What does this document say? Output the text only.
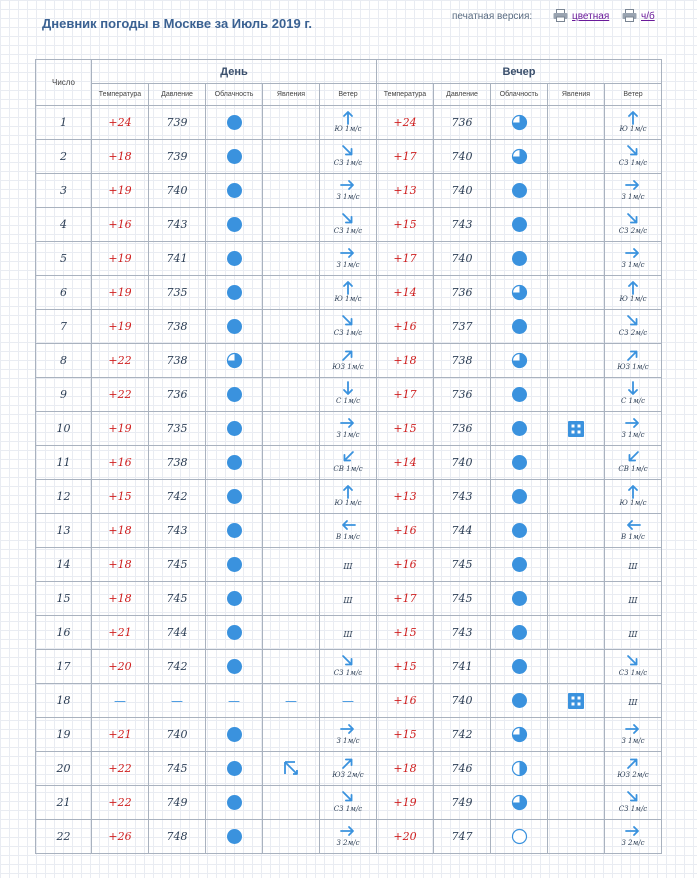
Дневник погоды в Москве за Июль 2019 г.	печатная версия:	цветная	ч/б
Число	День					Вечер				
	Температура	Давление	Облачность	Явления	Ветер	Температура	Давление	Облачность	Явления	Ветер
1	+24	739			Ю 1м/с	+24	736			Ю 1м/с

2	+18	739			СЗ 1м/с	+17	740			СЗ 1м/с

3	+19	740			З 1м/с	+13	740			З 1м/с

4	+16	743			СЗ 1м/с	+15	743			СЗ 2м/с

5	+19	741			З 1м/с	+17	740			З 1м/с

6	+19	735			Ю 1м/с	+14	736			Ю 1м/с

7	+19	738			СЗ 1м/с	+16	737			СЗ 2м/с

8	+22	738			ЮЗ 1м/с	+18	738			ЮЗ 1м/с

9	+22	736			С 1м/с	+17	736			С 1м/с

10	+19	735			З 1м/с	+15	736			З 1м/с

11	+16	738			СВ 1м/с	+14	740			СВ 1м/с

12	+15	742			Ю 1м/с	+13	743			Ю 1м/с

13	+18	743			В 1м/с	+16	744			В 1м/с

14	+18	745			Ш	+16	745			Ш
15	+18	745			Ш	+17	745			Ш
16	+21	744			Ш	+15	743			Ш
17	+20	742			СЗ 1м/с	+15	741			СЗ 1м/с

18	—	—	—	—	—	+16	740			Ш
19	+21	740			З 1м/с	+15	742			З 1м/с

20	+22	745			ЮЗ 2м/с	+18	746			ЮЗ 2м/с

21	+22	749			СЗ 1м/с	+19	749			СЗ 1м/с

22	+26	748			З 2м/с	+20	747			З 2м/с
